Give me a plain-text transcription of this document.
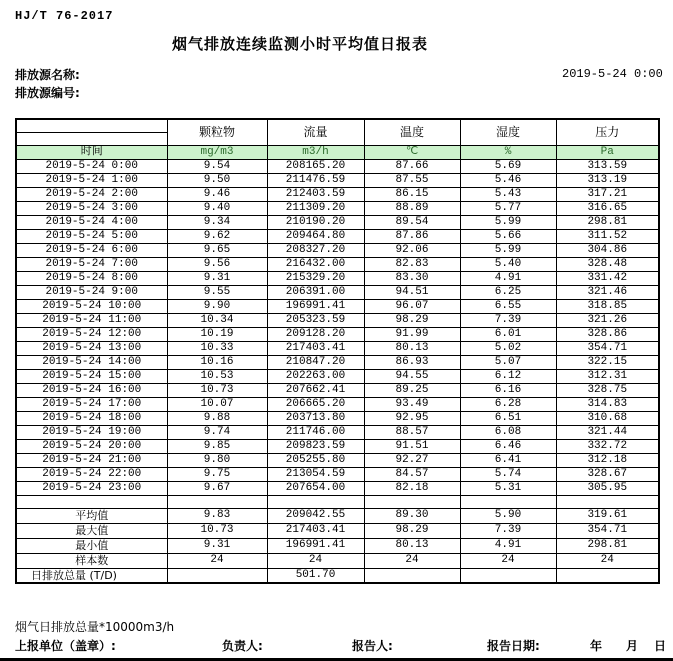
HJ/T 76-2017
烟气排放连续监测小时平均值日报表
排放源名称:
排放源编号:
2019-5-24 0:00
	颗粒物	流量	温度	湿度	压力

时间	mg/m3	m3/h	℃	%	Pa
2019-5-24 0:00	9.54	208165.20	87.66	5.69	313.59
2019-5-24 1:00	9.50	211476.59	87.55	5.46	313.19
2019-5-24 2:00	9.46	212403.59	86.15	5.43	317.21
2019-5-24 3:00	9.40	211309.20	88.89	5.77	316.65
2019-5-24 4:00	9.34	210190.20	89.54	5.99	298.81
2019-5-24 5:00	9.62	209464.80	87.86	5.66	311.52
2019-5-24 6:00	9.65	208327.20	92.06	5.99	304.86
2019-5-24 7:00	9.56	216432.00	82.83	5.40	328.48
2019-5-24 8:00	9.31	215329.20	83.30	4.91	331.42
2019-5-24 9:00	9.55	206391.00	94.51	6.25	321.46
2019-5-24 10:00	9.90	196991.41	96.07	6.55	318.85
2019-5-24 11:00	10.34	205323.59	98.29	7.39	321.26
2019-5-24 12:00	10.19	209128.20	91.99	6.01	328.86
2019-5-24 13:00	10.33	217403.41	80.13	5.02	354.71
2019-5-24 14:00	10.16	210847.20	86.93	5.07	322.15
2019-5-24 15:00	10.53	202263.00	94.55	6.12	312.31
2019-5-24 16:00	10.73	207662.41	89.25	6.16	328.75
2019-5-24 17:00	10.07	206665.20	93.49	6.28	314.83
2019-5-24 18:00	9.88	203713.80	92.95	6.51	310.68
2019-5-24 19:00	9.74	211746.00	88.57	6.08	321.44
2019-5-24 20:00	9.85	209823.59	91.51	6.46	332.72
2019-5-24 21:00	9.80	205255.80	92.27	6.41	312.18
2019-5-24 22:00	9.75	213054.59	84.57	5.74	328.67
2019-5-24 23:00	9.67	207654.00	82.18	5.31	305.95

平均值	9.83	209042.55	89.30	5.90	319.61
最大值	10.73	217403.41	98.29	7.39	354.71
最小值	9.31	196991.41	80.13	4.91	298.81
样本数	24	24	24	24	24
日排放总量 (T/D)		501.70			
烟气日排放总量*10000m3/h
上报单位（盖章）:	负责人:	报告人:	报告日期:	年 月 日
